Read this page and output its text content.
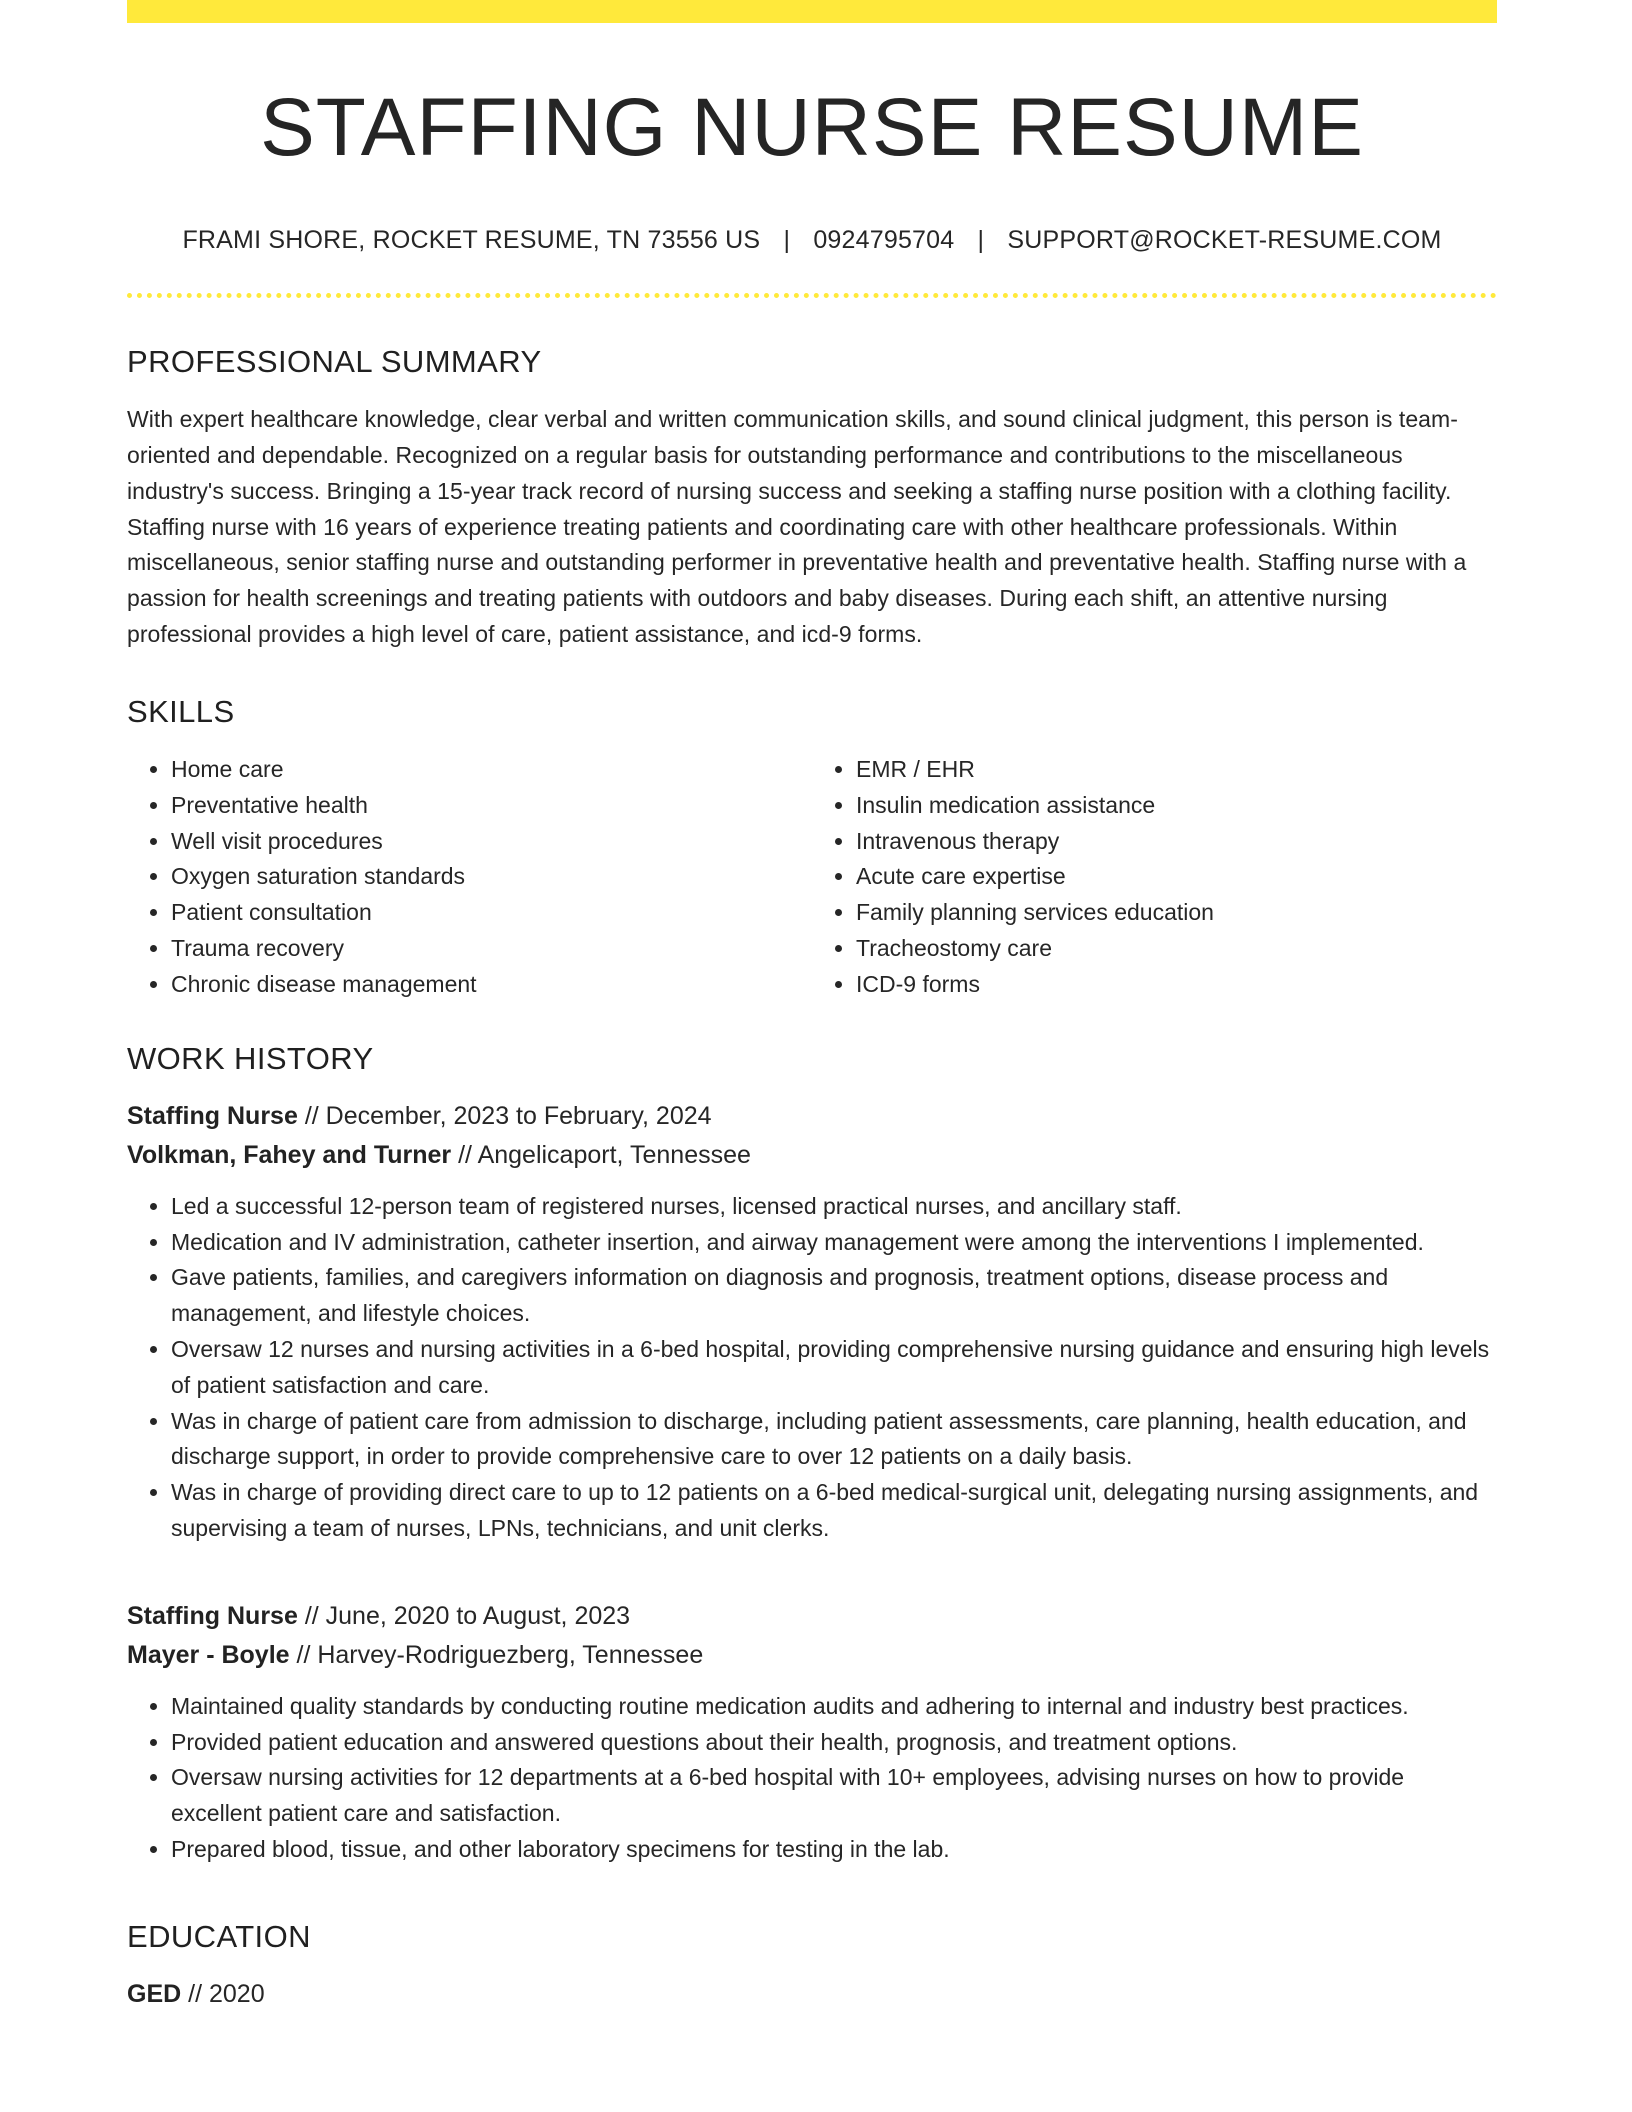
STAFFING NURSE RESUME
FRAMI SHORE, ROCKET RESUME, TN 73556 US | 0924795704 | SUPPORT@ROCKET-RESUME.COM
PROFESSIONAL SUMMARY

With expert healthcare knowledge, clear verbal and written communication skills, and sound clinical judgment, this person is team-oriented and dependable. Recognized on a regular basis for outstanding performance and contributions to the miscellaneous industry's success. Bringing a 15-year track record of nursing success and seeking a staffing nurse position with a clothing facility. Staffing nurse with 16 years of experience treating patients and coordinating care with other healthcare professionals. Within miscellaneous, senior staffing nurse and outstanding performer in preventative health and preventative health. Staffing nurse with a passion for health screenings and treating patients with outdoors and baby diseases. During each shift, an attentive nursing professional provides a high level of care, patient assistance, and icd-9 forms.

SKILLS
• Home care
• Preventative health
• Well visit procedures
• Oxygen saturation standards
• Patient consultation
• Trauma recovery
• Chronic disease management
• EMR / EHR
• Insulin medication assistance
• Intravenous therapy
• Acute care expertise
• Family planning services education
• Tracheostomy care
• ICD-9 forms
WORK HISTORY
Staffing Nurse // December, 2023 to February, 2024
Volkman, Fahey and Turner // Angelicaport, Tennessee
• Led a successful 12-person team of registered nurses, licensed practical nurses, and ancillary staff.
• Medication and IV administration, catheter insertion, and airway management were among the interventions I implemented.
• Gave patients, families, and caregivers information on diagnosis and prognosis, treatment options, disease process and management, and lifestyle choices.
• Oversaw 12 nurses and nursing activities in a 6-bed hospital, providing comprehensive nursing guidance and ensuring high levels of patient satisfaction and care.
• Was in charge of patient care from admission to discharge, including patient assessments, care planning, health education, and discharge support, in order to provide comprehensive care to over 12 patients on a daily basis.
• Was in charge of providing direct care to up to 12 patients on a 6-bed medical-surgical unit, delegating nursing assignments, and supervising a team of nurses, LPNs, technicians, and unit clerks.
Staffing Nurse // June, 2020 to August, 2023
Mayer - Boyle // Harvey-Rodriguezberg, Tennessee
• Maintained quality standards by conducting routine medication audits and adhering to internal and industry best practices.
• Provided patient education and answered questions about their health, prognosis, and treatment options.
• Oversaw nursing activities for 12 departments at a 6-bed hospital with 10+ employees, advising nurses on how to provide excellent patient care and satisfaction.
• Prepared blood, tissue, and other laboratory specimens for testing in the lab.
EDUCATION
GED // 2020
